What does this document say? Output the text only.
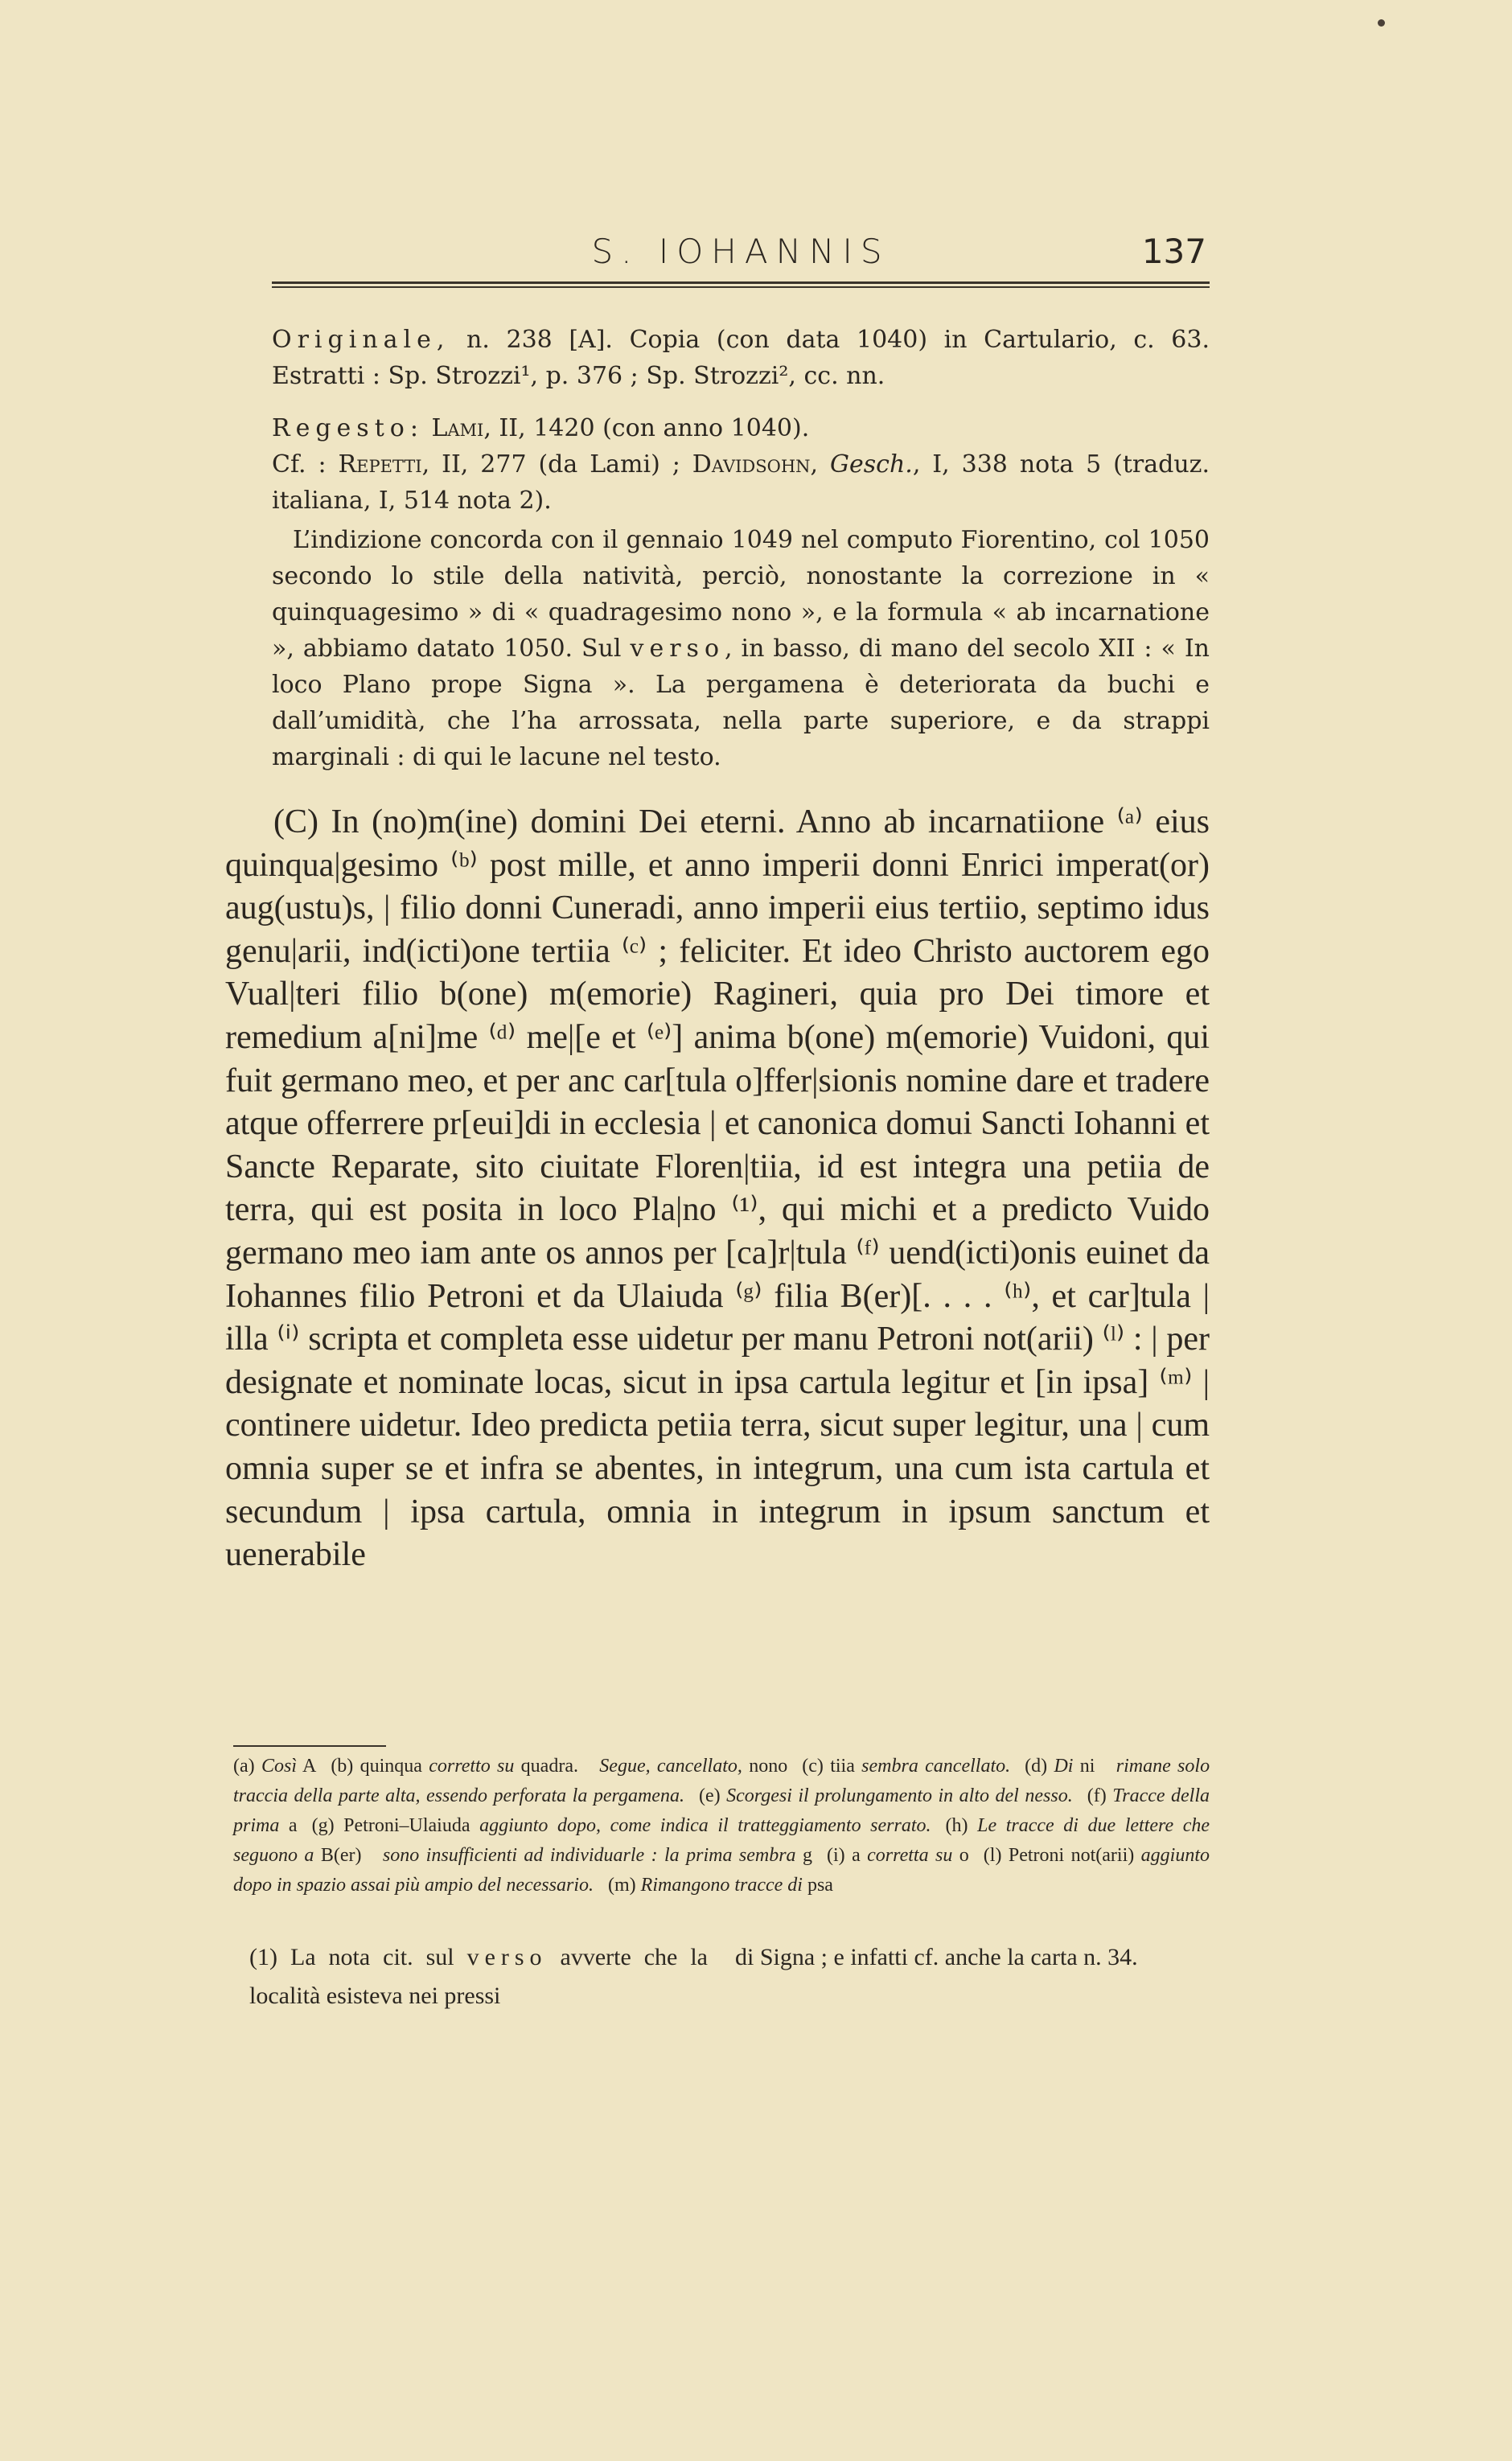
S. IOHANNIS	137

Originale, n. 238 [A]. Copia (con data 1040) in Cartulario, c. 63. Estratti : Sp. Strozzi¹, p. 376 ; Sp. Strozzi², cc. nn.

Regesto: Lami, II, 1420 (con anno 1040).

Cf. : Repetti, II, 277 (da Lami) ; Davidsohn, Gesch., I, 338 nota 5 (traduz. italiana, I, 514 nota 2).

L’indizione concorda con il gennaio 1049 nel computo Fiorentino, col 1050 secondo lo stile della natività, perciò, nonostante la correzione in « quinquagesimo » di « quadragesimo nono », e la formula « ab incarnatione », abbiamo datato 1050. Sul verso, in basso, di mano del secolo XII : « In loco Plano prope Signa ». La pergamena è deteriorata da buchi e dall’umidità, che l’ha arrossata, nella parte superiore, e da strappi marginali : di qui le lacune nel testo.

(C) In (no)m(ine) domini Dei eterni. Anno ab incarnatiione ⁽ᵃ⁾ eius quinqua|gesimo ⁽ᵇ⁾ post mille, et anno imperii donni Enrici imperat(or) aug(ustu)s, | filio donni Cuneradi, anno imperii eius tertiio, septimo idus genu|arii, ind(icti)one tertiia ⁽ᶜ⁾ ; feliciter. Et ideo Christo auctorem ego Vual|teri filio b(one) m(emorie) Ragineri, quia pro Dei timore et remedium a[ni]me ⁽ᵈ⁾ me|[e et ⁽ᵉ⁾] anima b(one) m(emorie) Vuidoni, qui fuit germano meo, et per anc car[tula o]ffer|sionis nomine dare et tradere atque offerrere pr[eui]di in ecclesia | et canonica domui Sancti Iohanni et Sancte Reparate, sito ciuitate Floren|tiia, id est integra una petiia de terra, qui est posita in loco Pla|no ⁽¹⁾, qui michi et a predicto Vuido germano meo iam ante os annos per [ca]r|tula ⁽ᶠ⁾ uend(icti)onis euinet da Iohannes filio Petroni et da Ulaiuda ⁽ᵍ⁾ filia B(er)[. . . . ⁽ʰ⁾, et car]tula | illa ⁽ⁱ⁾ scripta et completa esse uidetur per manu Petroni not(arii) ⁽ˡ⁾ : | per designate et nominate locas, sicut in ipsa cartula legitur et [in ipsa] ⁽ᵐ⁾ | continere uidetur. Ideo predicta petiia terra, sicut super legitur, una | cum omnia super se et infra se abentes, in integrum, una cum ista cartula et secundum | ipsa cartula, omnia in integrum in ipsum sanctum et uenerabile

(a) Così A (b) quinqua corretto su quadra. Segue, cancellato, nono (c) tiia sembra cancellato. (d) Di ni rimane solo traccia della parte alta, essendo perforata la pergamena. (e) Scorgesi il prolungamento in alto del nesso. (f) Tracce della prima a (g) Petroni–Ulaiuda aggiunto dopo, come indica il tratteggiamento serrato. (h) Le tracce di due lettere che seguono a B(er) sono insufficienti ad individuarle : la prima sembra g (i) a corretta su o (l) Petroni not(arii) aggiunto dopo in spazio assai più ampio del necessario. (m) Rimangono tracce di psa

(1) La nota cit. sul verso avverte che la località esisteva nei pressi

di Signa ; e infatti cf. anche la carta n. 34.
